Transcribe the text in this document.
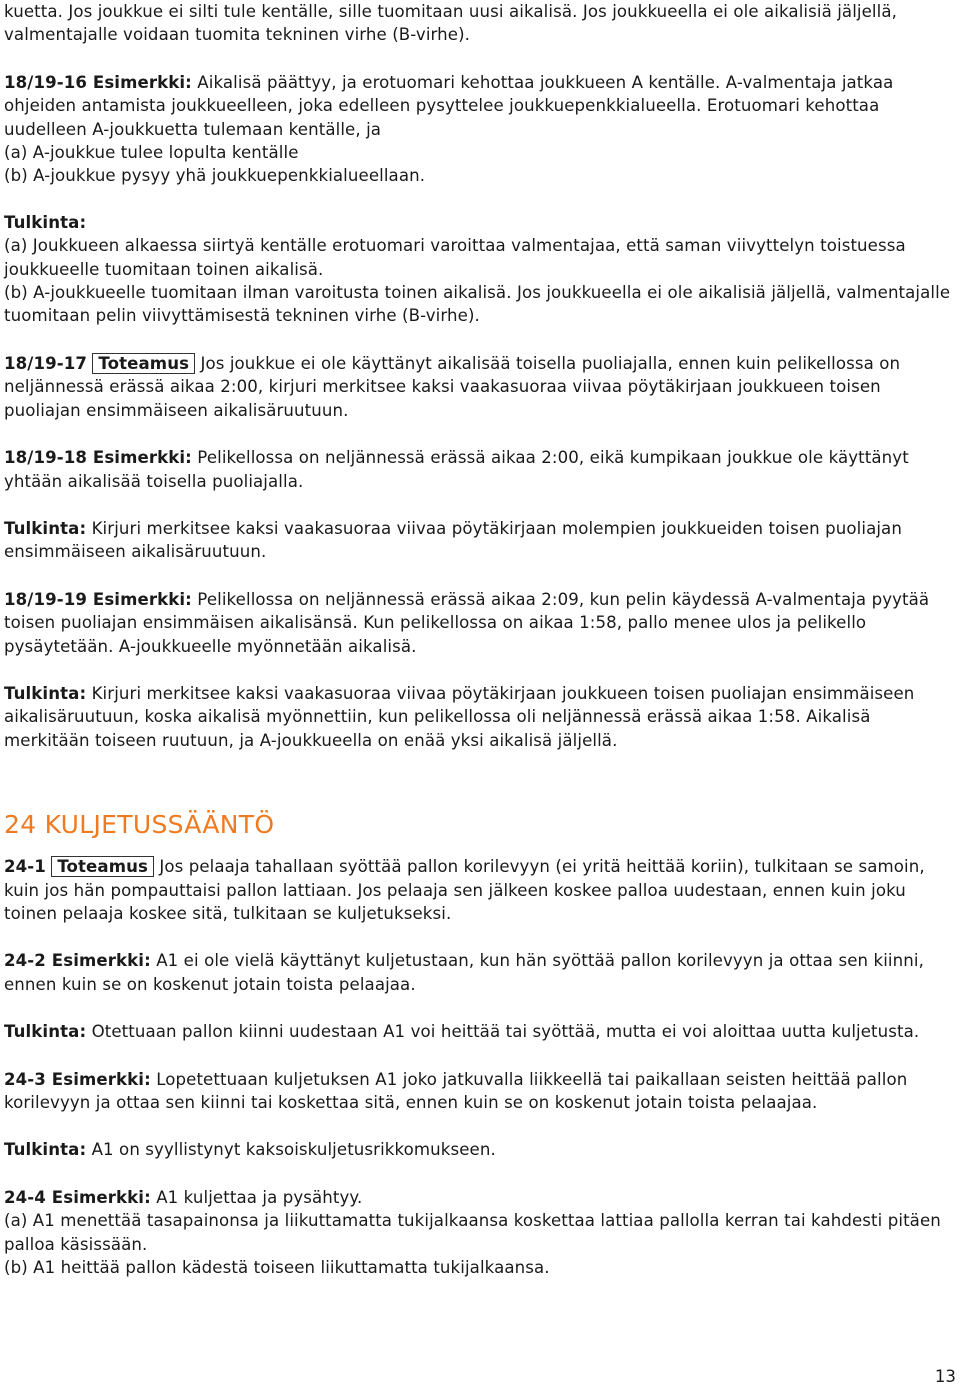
kuetta. Jos joukkue ei silti tule kentälle, sille tuomitaan uusi aikalisä. Jos joukkueella ei ole aikalisiä jäljellä, valmentajalle voidaan tuomita tekninen virhe (B-virhe).

18/19-16 Esimerkki: Aikalisä päättyy, ja erotuomari kehottaa joukkueen A kentälle. A-valmentaja jatkaa ohjeiden antamista joukkueelleen, joka edelleen pysyttelee joukkuepenkkialueella. Erotuomari kehottaa uudelleen A-joukkuetta tulemaan kentälle, ja

(a) A-joukkue tulee lopulta kentälle

(b) A-joukkue pysyy yhä joukkuepenkkialueellaan.

Tulkinta:

(a) Joukkueen alkaessa siirtyä kentälle erotuomari varoittaa valmentajaa, että saman viivyttelyn toistuessa joukkueelle tuomitaan toinen aikalisä.

(b) A-joukkueelle tuomitaan ilman varoitusta toinen aikalisä. Jos joukkueella ei ole aikalisiä jäljellä, valmentajalle tuomitaan pelin viivyttämisestä tekninen virhe (B-virhe).

18/19-17 Toteamus Jos joukkue ei ole käyttänyt aikalisää toisella puoliajalla, ennen kuin pelikellossa on neljännessä erässä aikaa 2:00, kirjuri merkitsee kaksi vaakasuoraa viivaa pöytäkirjaan joukkueen toisen puoliajan ensimmäiseen aikalisäruutuun.

18/19-18 Esimerkki: Pelikellossa on neljännessä erässä aikaa 2:00, eikä kumpikaan joukkue ole käyttänyt yhtään aikalisää toisella puoliajalla.

Tulkinta: Kirjuri merkitsee kaksi vaakasuoraa viivaa pöytäkirjaan molempien joukkueiden toisen puoliajan ensimmäiseen aikalisäruutuun.

18/19-19 Esimerkki: Pelikellossa on neljännessä erässä aikaa 2:09, kun pelin käydessä A-valmentaja pyytää toisen puoliajan ensimmäisen aikalisänsä. Kun pelikellossa on aikaa 1:58, pallo menee ulos ja pelikello pysäytetään. A-joukkueelle myönnetään aikalisä.

Tulkinta: Kirjuri merkitsee kaksi vaakasuoraa viivaa pöytäkirjaan joukkueen toisen puoliajan ensimmäiseen aikalisäruutuun, koska aikalisä myönnettiin, kun pelikellossa oli neljännessä erässä aikaa 1:58. Aikalisä merkitään toiseen ruutuun, ja A-joukkueella on enää yksi aikalisä jäljellä.

24 KULJETUSSÄÄNTÖ

24-1 Toteamus Jos pelaaja tahallaan syöttää pallon korilevyyn (ei yritä heittää koriin), tulkitaan se samoin, kuin jos hän pompauttaisi pallon lattiaan. Jos pelaaja sen jälkeen koskee palloa uudestaan, ennen kuin joku toinen pelaaja koskee sitä, tulkitaan se kuljetukseksi.

24-2 Esimerkki: A1 ei ole vielä käyttänyt kuljetustaan, kun hän syöttää pallon korilevyyn ja ottaa sen kiinni, ennen kuin se on koskenut jotain toista pelaajaa.

Tulkinta: Otettuaan pallon kiinni uudestaan A1 voi heittää tai syöttää, mutta ei voi aloittaa uutta kuljetusta.

24-3 Esimerkki: Lopetettuaan kuljetuksen A1 joko jatkuvalla liikkeellä tai paikallaan seisten heittää pallon korilevyyn ja ottaa sen kiinni tai koskettaa sitä, ennen kuin se on koskenut jotain toista pelaajaa.

Tulkinta: A1 on syyllistynyt kaksoiskuljetusrikkomukseen.

24-4 Esimerkki: A1 kuljettaa ja pysähtyy.

(a) A1 menettää tasapainonsa ja liikuttamatta tukijalkaansa koskettaa lattiaa pallolla kerran tai kahdesti pitäen palloa käsissään.

(b) A1 heittää pallon kädestä toiseen liikuttamatta tukijalkaansa.

13
